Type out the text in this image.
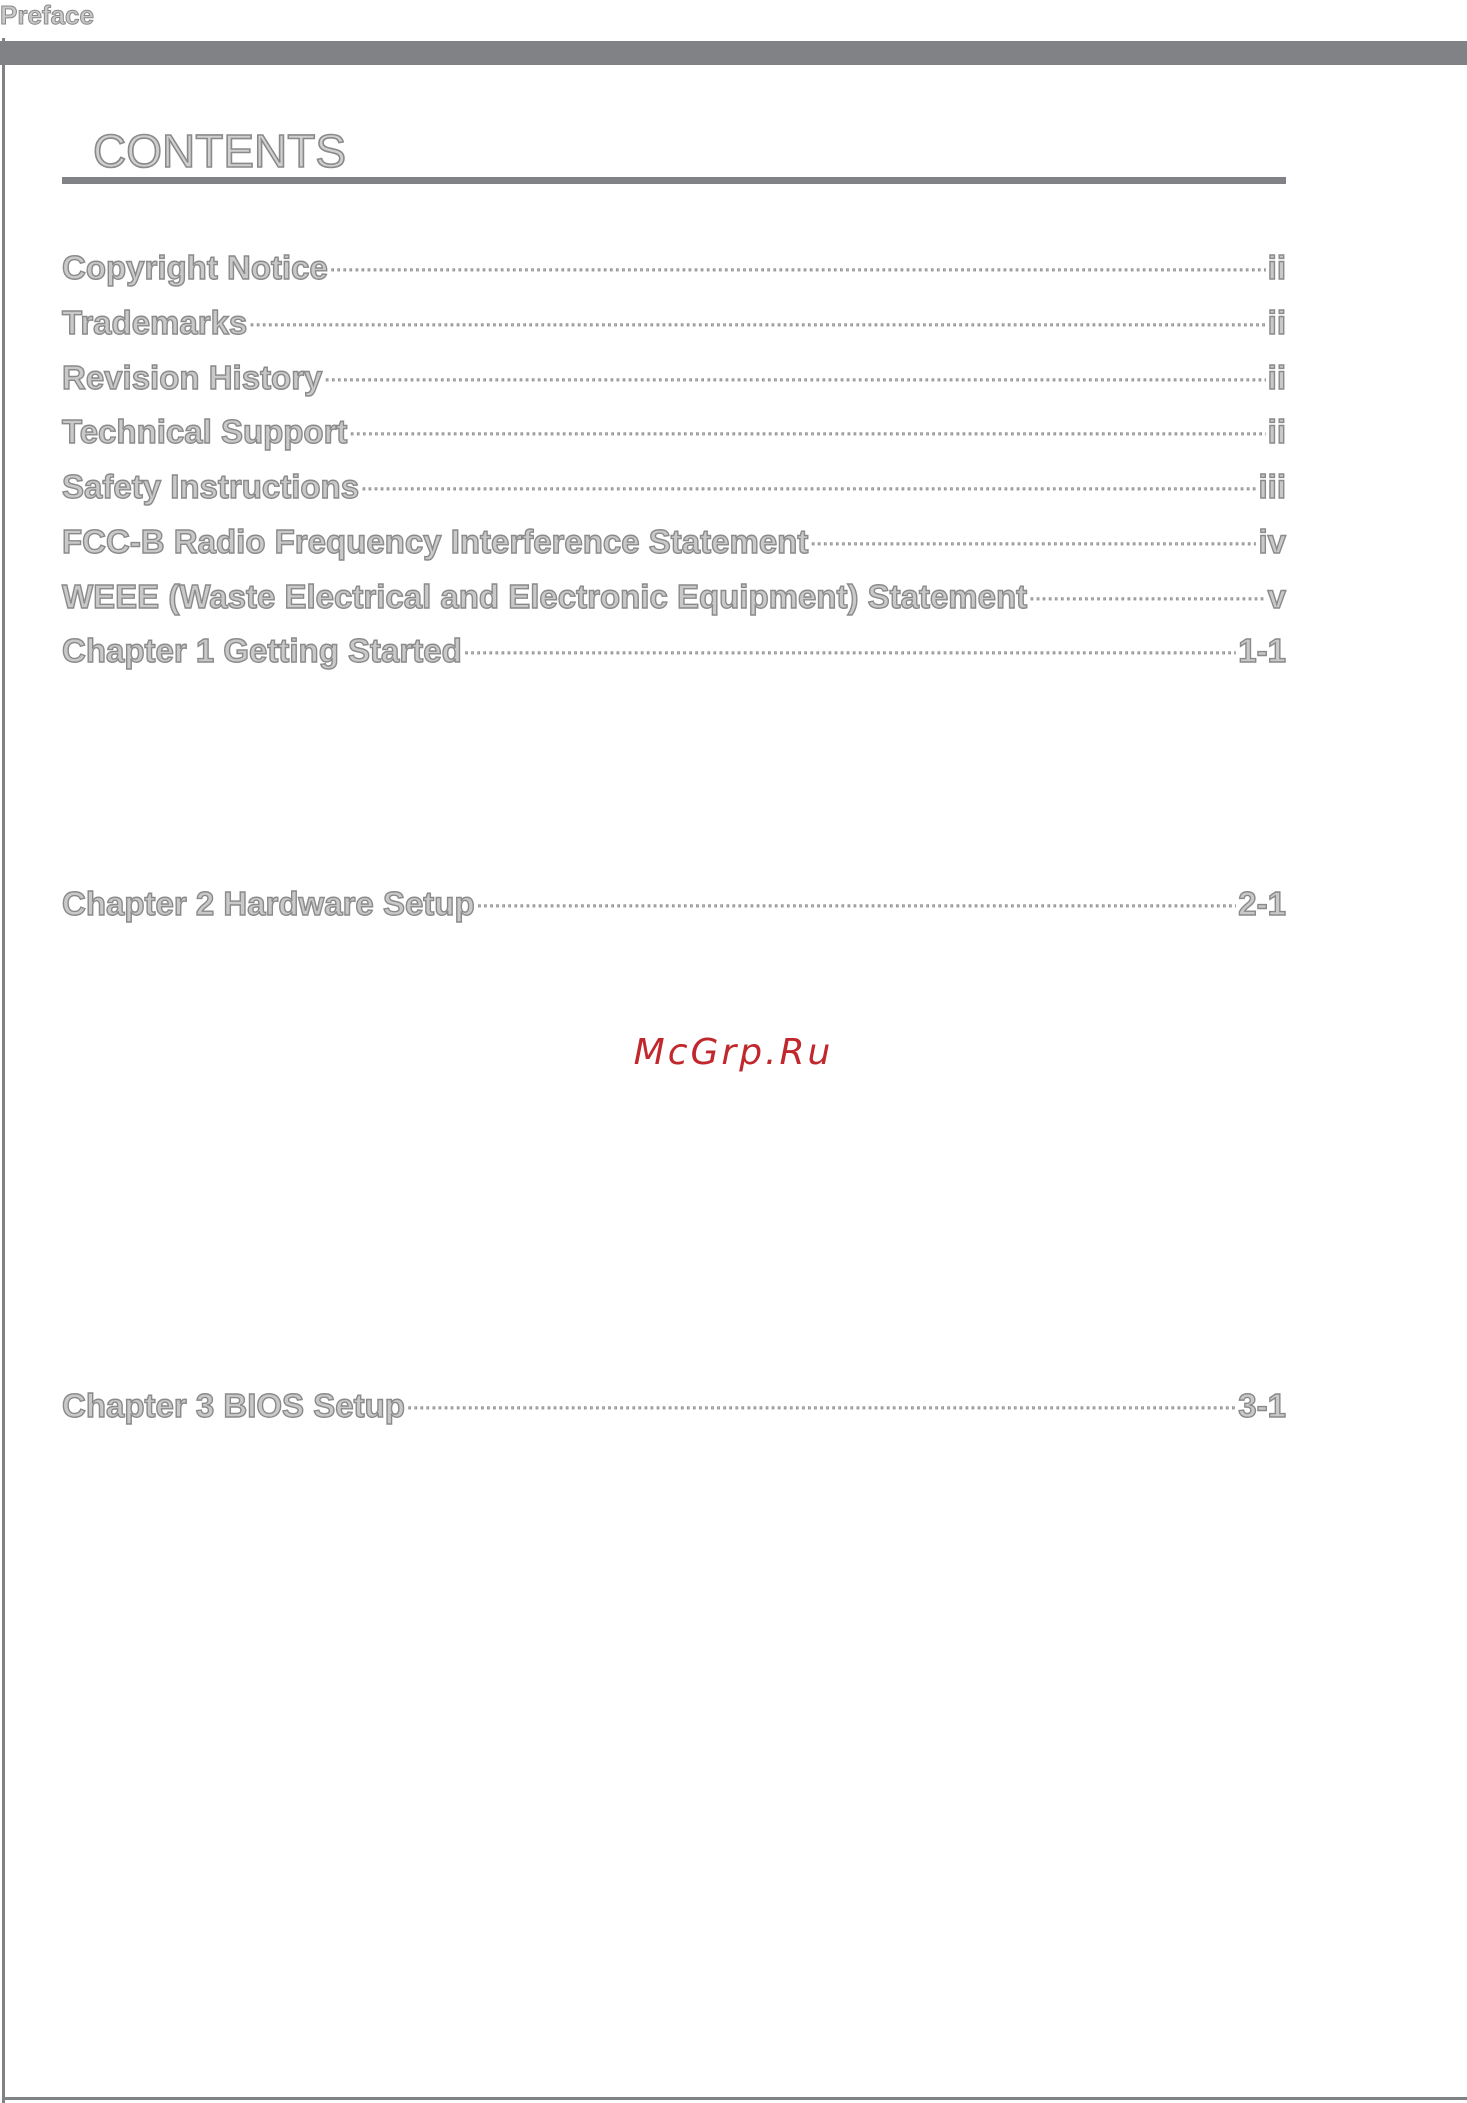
Preface
CONTENTS
Copyright Notice .....	ii
Trademarks .....	ii
Revision History .....	ii
Technical Support .....	ii
Safety Instructions .....	iii
FCC-B Radio Frequency Interference Statement .....	iv
WEEE (Waste Electrical and Electronic Equipment) Statement .....	v
Chapter 1 Getting Started .....	1-1
Chapter 2 Hardware Setup .....	2-1
Chapter 3 BIOS Setup .....	3-1
McGrp.Ru
